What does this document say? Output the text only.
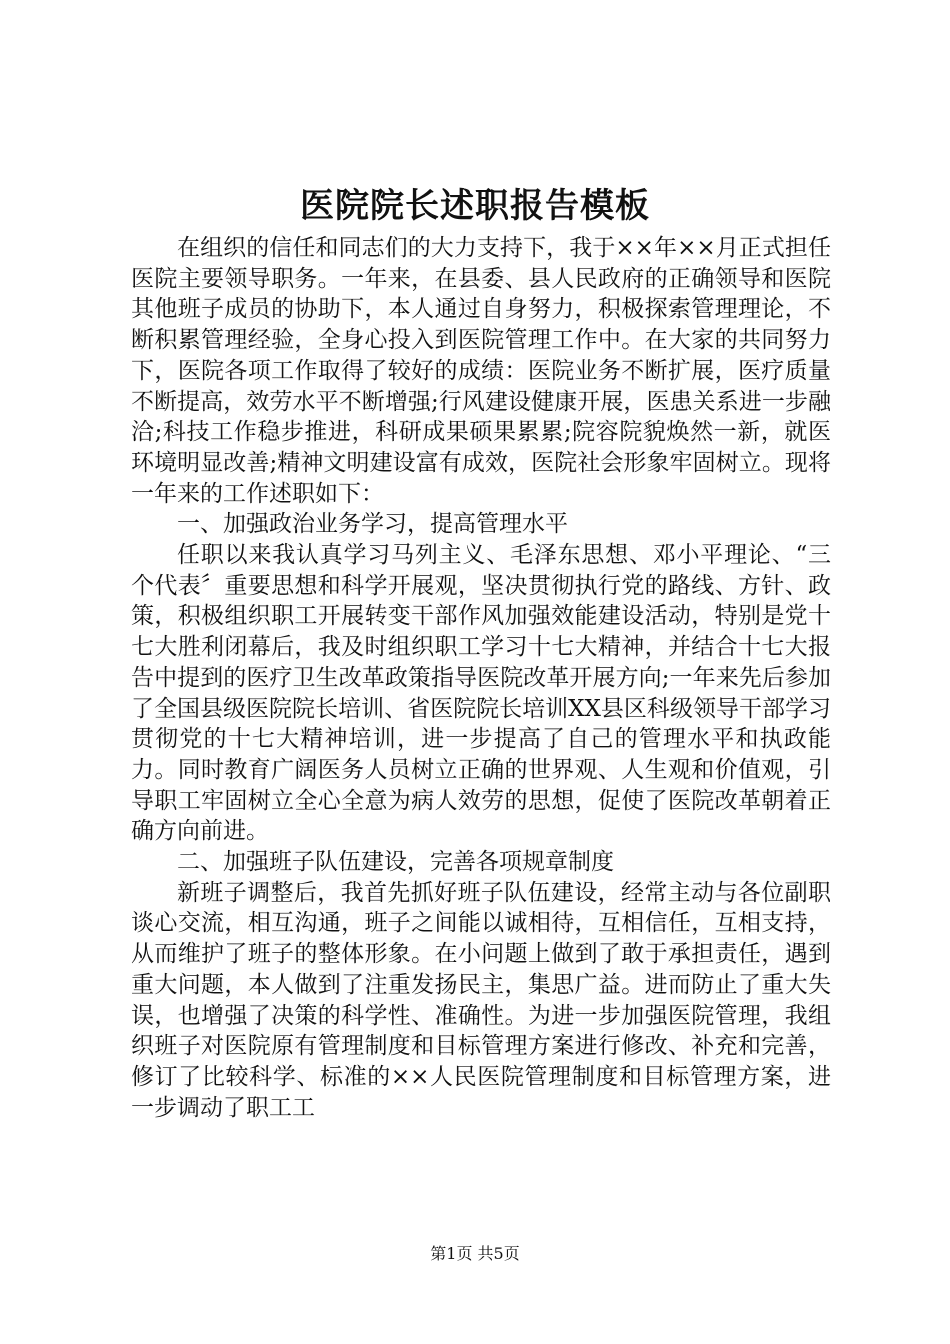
医院院长述职报告模板

在组织的信任和同志们的大力支持下，我于××年××月正式担任医院主要领导职务。一年来，在县委、县人民政府的正确领导和医院其他班子成员的协助下，本人通过自身努力，积极探索管理理论，不断积累管理经验，全身心投入到医院管理工作中。在大家的共同努力下，医院各项工作取得了较好的成绩：医院业务不断扩展，医疗质量不断提高，效劳水平不断增强;行风建设健康开展，医患关系进一步融洽;科技工作稳步推进，科研成果硕果累累;院容院貌焕然一新，就医环境明显改善;精神文明建设富有成效，医院社会形象牢固树立。现将一年来的工作述职如下：

一、加强政治业务学习，提高管理水平

任职以来我认真学习马列主义、毛泽东思想、邓小平理论、“三个代表〞重要思想和科学开展观，坚决贯彻执行党的路线、方针、政策，积极组织职工开展转变干部作风加强效能建设活动，特别是党十七大胜利闭幕后，我及时组织职工学习十七大精神，并结合十七大报告中提到的医疗卫生改革政策指导医院改革开展方向;一年来先后参加了全国县级医院院长培训、省医院院长培训XX县区科级领导干部学习贯彻党的十七大精神培训，进一步提高了自己的管理水平和执政能力。同时教育广阔医务人员树立正确的世界观、人生观和价值观，引导职工牢固树立全心全意为病人效劳的思想，促使了医院改革朝着正确方向前进。

二、加强班子队伍建设，完善各项规章制度

新班子调整后，我首先抓好班子队伍建设，经常主动与各位副职谈心交流，相互沟通，班子之间能以诚相待，互相信任，互相支持，从而维护了班子的整体形象。在小问题上做到了敢于承担责任，遇到重大问题，本人做到了注重发扬民主，集思广益。进而防止了重大失误，也增强了决策的科学性、准确性。为进一步加强医院管理，我组织班子对医院原有管理制度和目标管理方案进行修改、补充和完善，修订了比较科学、标准的××人民医院管理制度和目标管理方案，进一步调动了职工工

第1页 共5页
